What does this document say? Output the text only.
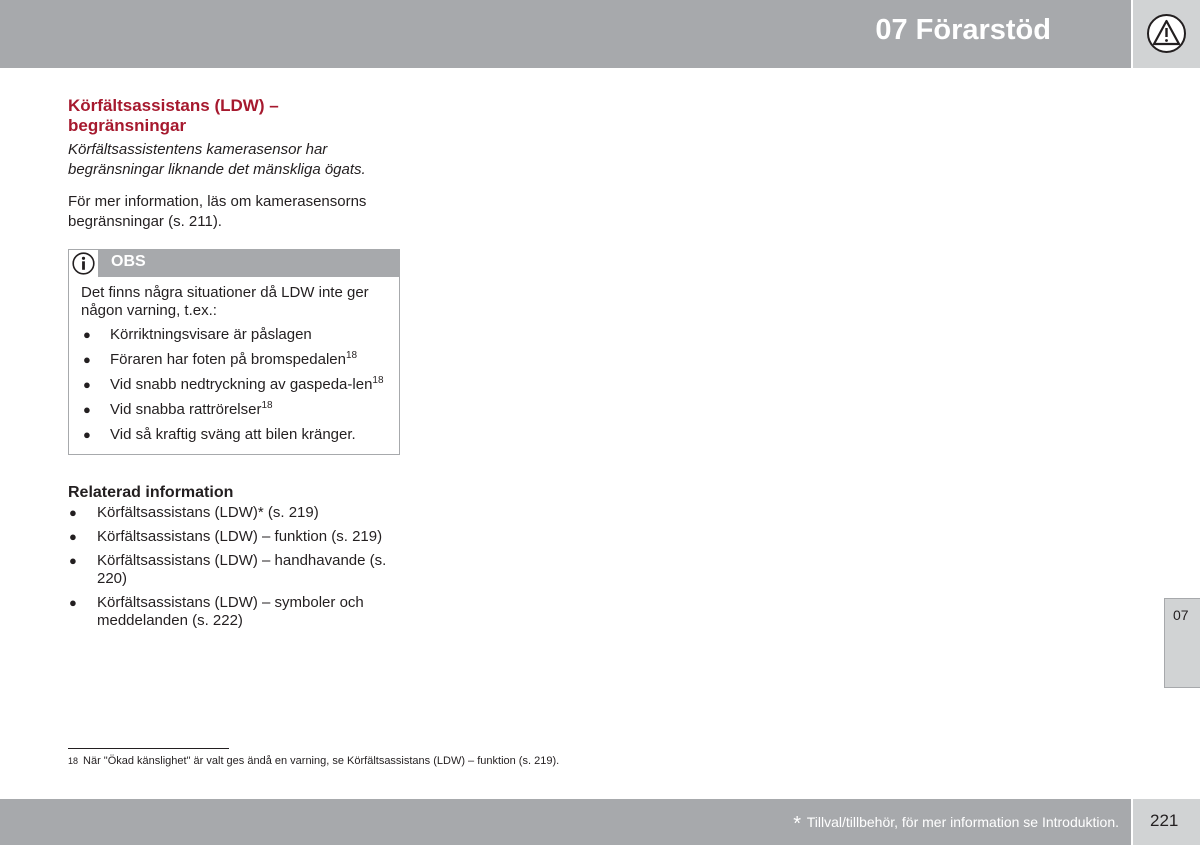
07 Förarstöd
Körfältsassistans (LDW) –
begränsningar

Körfältsassistentens kamerasensor har begränsningar liknande det mänskliga ögats.

För mer information, läs om kamerasensorns begränsningar (s. 211).

OBS

Det finns några situationer då LDW inte ger någon varning, t.ex.:

● Körriktningsvisare är påslagen
● Föraren har foten på bromspedalen$^{18}$
● Vid snabb nedtryckning av gaspeda-len$^{18}$
● Vid snabba rattrörelser$^{18}$
● Vid så kraftig sväng att bilen kränger.
Relaterad information
● Körfältsassistans (LDW)* (s. 219)
● Körfältsassistans (LDW) – funktion (s. 219)
● Körfältsassistans (LDW) – handhavande (s. 220)
● Körfältsassistans (LDW) – symboler och meddelanden (s. 222)	07
18 När "Ökad känslighet" är valt ges ändå en varning, se Körfältsassistans (LDW) – funktion (s. 219).
* Tillval/tillbehör, för mer information se Introduktion. 221
